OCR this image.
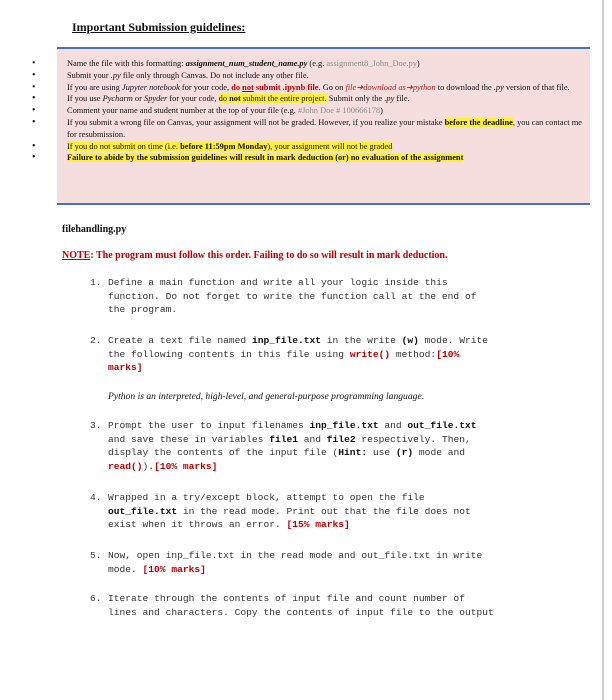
Important Submission guidelines:
• Name the file with this formatting: assignment_num_student_name.py (e.g. assignment8_John_Doe.py)
• Submit your .py file only through Canvas. Do not include any other file.
• If you are using Jupyter notebook for your code, do not submit .ipynb file. Go on file➜download as➜python to download the .py version of that file.
• If you use Pycharm or Spyder for your code, do not submit the entire project. Submit only the .py file.
• Comment your name and student number at the top of your file (e.g. #John Doe # 100666178)
• If you submit a wrong file on Canvas, your assignment will not be graded. However, if you realize your mistake before the deadline, you can contact me for resubmission.
• If you do not submit on time (i.e. before 11:59pm Monday), your assignment will not be graded
• Failure to abide by the submission guidelines will result in mark deduction (or) no evaluation of the assignment
filehandling.py
NOTE: The program must follow this order. Failing to do so will result in mark deduction.
1. Define a main function and write all your logic inside this
function. Do not forget to write the function call at the end of
the program.
2. Create a text file named inp_file.txt in the write (w) mode. Write
the following contents in this file using write() method:[10%
marks]
Python is an interpreted, high-level, and general-purpose programming language.
3. Prompt the user to input filenames inp_file.txt and out_file.txt
and save these in variables file1 and file2 respectively. Then,
display the contents of the input file (Hint: use (r) mode and
read()).[10% marks]
4. Wrapped in a try/except block, attempt to open the file
out_file.txt in the read mode. Print out that the file does not
exist when it throws an error. [15% marks]
5. Now, open inp_file.txt in the read mode and out_file.txt in write
mode. [10% marks]
6. Iterate through the contents of input file and count number of
lines and characters. Copy the contents of input file to the output
